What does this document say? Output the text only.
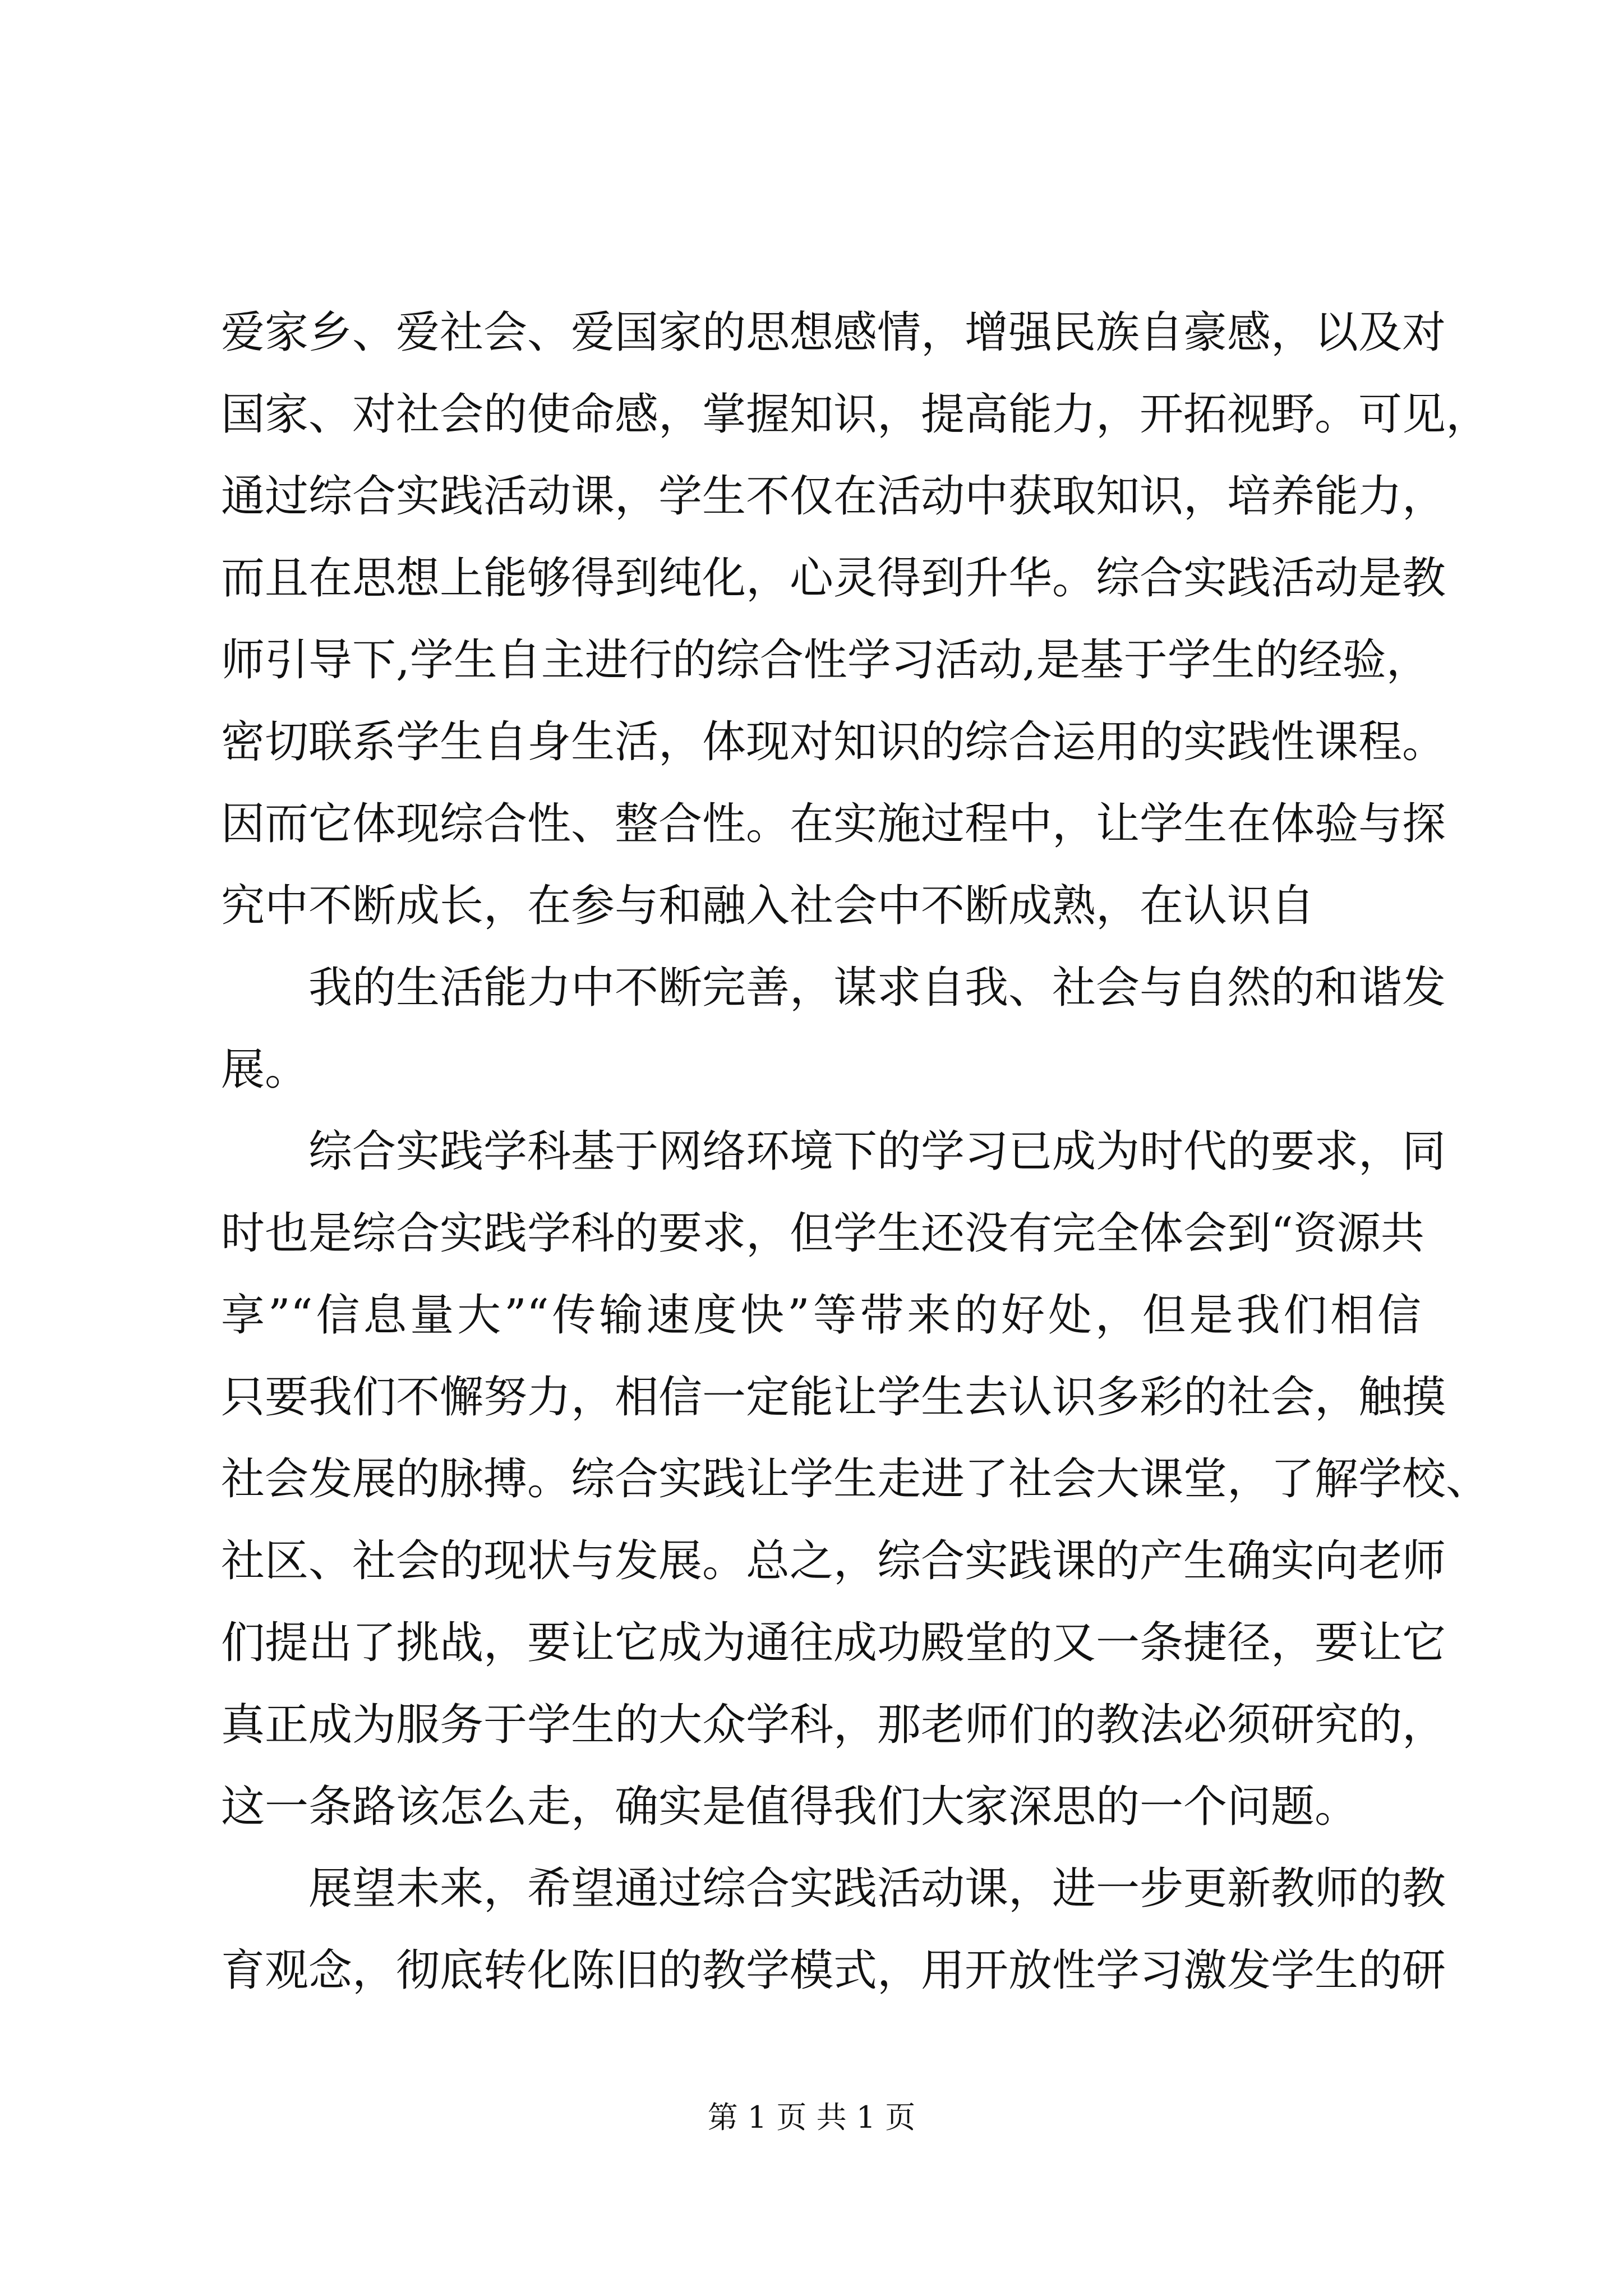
爱家乡、爱社会、爱国家的思想感情，增强民族自豪感，以及对
国家、对社会的使命感，掌握知识，提高能力，开拓视野。可见，
通过综合实践活动课，学生不仅在活动中获取知识，培养能力，
而且在思想上能够得到纯化，心灵得到升华。综合实践活动是教
师引导下,学生自主进行的综合性学习活动,是基于学生的经验，
密切联系学生自身生活，体现对知识的综合运用的实践性课程。
因而它体现综合性、整合性。在实施过程中，让学生在体验与探
究中不断成长，在参与和融入社会中不断成熟，在认识自
我的生活能力中不断完善，谋求自我、社会与自然的和谐发
展。
综合实践学科基于网络环境下的学习已成为时代的要求，同
时也是综合实践学科的要求，但学生还没有完全体会到“资源共
享”“信息量大”“传输速度快”等带来的好处，但是我们相信
只要我们不懈努力，相信一定能让学生去认识多彩的社会，触摸
社会发展的脉搏。综合实践让学生走进了社会大课堂，了解学校、
社区、社会的现状与发展。总之，综合实践课的产生确实向老师
们提出了挑战，要让它成为通往成功殿堂的又一条捷径，要让它
真正成为服务于学生的大众学科，那老师们的教法必须研究的，
这一条路该怎么走，确实是值得我们大家深思的一个问题。
展望未来，希望通过综合实践活动课，进一步更新教师的教
育观念，彻底转化陈旧的教学模式，用开放性学习激发学生的研
第 1 页 共 1 页
